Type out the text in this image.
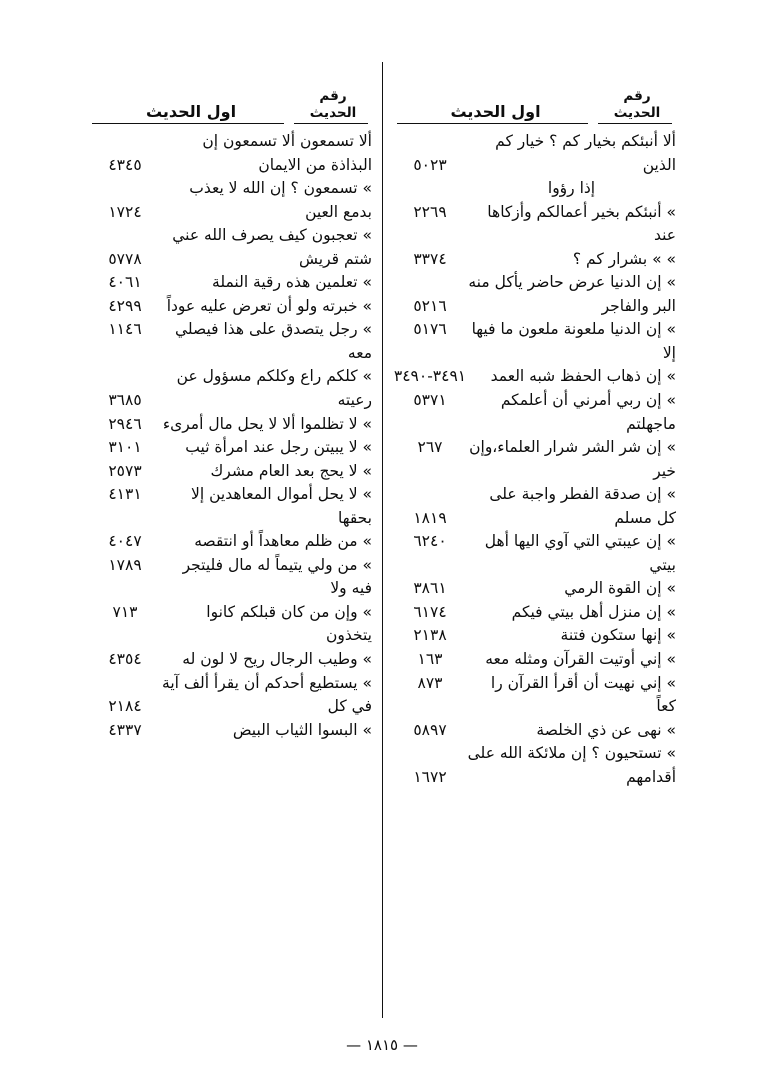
رقم
الحديث
اول الحديث
ألا أنبئكم بخيار كم ؟ خيار كم الذين
إذا رؤوا	٥٠٢٣
» أنبئكم بخير أعمالكم وأزكاها عند	٢٢٦٩
» » بشرار كم ؟	٣٣٧٤
» إن الدنيا عرض حاضر يأكل منه البر والفاجر	٥٢١٦
» إن الدنيا ملعونة ملعون ما فيها إلا	٥١٧٦
» إن ذهاب الحفظ شبه العمد	٣٤٩١-٣٤٩٠
» إن ربي أمرني أن أعلمكم ماجهلتم	٥٣٧١
» إن شر الشر شرار العلماء،وإن خير	٢٦٧
» إن صدقة الفطر واجبة على كل مسلم	١٨١٩
» إن عيبتي التي آوي اليها أهل بيتي	٦٢٤٠
» إن القوة الرمي	٣٨٦١
» إن منزل أهل بيتي فيكم	٦١٧٤
» إنها ستكون فتنة	٢١٣٨
» إني أوتيت القرآن ومثله معه	١٦٣
» إني نهيت أن أقرأ القرآن را كعاً	٨٧٣
» نهى عن ذي الخلصة	٥٨٩٧
» تستحيون ؟ إن ملائكة الله على أقدامهم	١٦٧٢
رقم
الحديث
اول الحديث
ألا تسمعون ألا تسمعون إن البذاذة من الايمان	٤٣٤٥
» تسمعون ؟ إن الله لا يعذب بدمع العين	١٧٢٤
» تعجبون كيف يصرف الله عني شتم قريش	٥٧٧٨
» تعلمين هذه رقية النملة	٤٠٦١
» خبرته ولو أن تعرض عليه عوداً	٤٢٩٩
» رجل يتصدق على هذا فيصلي معه	١١٤٦
» كلكم راع وكلكم مسؤول عن رعيته	٣٦٨٥
» لا تظلموا ألا لا يحل مال أمرىء	٢٩٤٦
» لا يبيتن رجل عند امرأة ثيب	٣١٠١
» لا يحج بعد العام مشرك	٢٥٧٣
» لا يحل أموال المعاهدين إلا بحقها	٤١٣١
» من ظلم معاهداً أو انتقصه	٤٠٤٧
» من ولي يتيماً له مال فليتجر فيه ولا	١٧٨٩
» وإن من كان قبلكم كانوا يتخذون	٧١٣
» وطيب الرجال ريح لا لون له	٤٣٥٤
» يستطيع أحدكم أن يقرأ ألف آية في كل	٢١٨٤
» البسوا الثياب البيض	٤٣٣٧
— ١٨١٥ —
